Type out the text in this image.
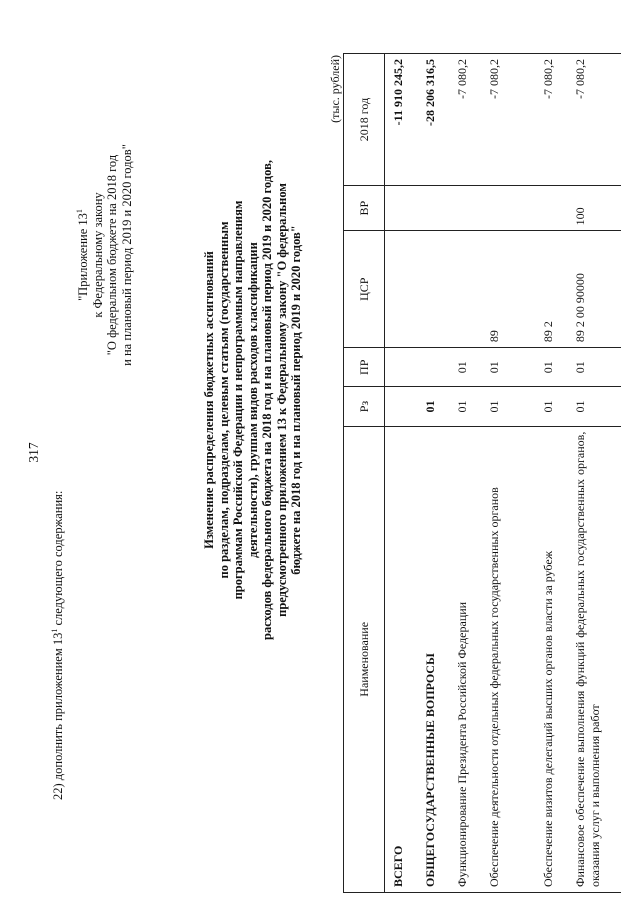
317
22) дополнить приложением $13^1$ следующего содержания:
"Приложение $13^1$ к Федеральному закону "О федеральном бюджете на 2018 год и на плановый период 2019 и 2020 годов"	Изменение распределения бюджетных ассигнований по разделам, подразделам, целевым статьям (государственным программам Российской Федерации и непрограммным направлениям деятельности), группам видов расходов классификации расходов федерального бюджета на 2018 год и на плановый период 2019 и 2020 годов, предусмотренного приложением 13 к Федеральному закону "О федеральном бюджете на 2018 год и на плановый период 2019 и 2020 годов"
(тыс. рублей)
Наименование	Рз	ПР	ЦСР	ВР	2018 год
ВСЕГО					-11 910 245,2
ОБЩЕГОСУДАРСТВЕННЫЕ ВОПРОСЫ	01				-28 206 316,5
Функционирование Президента Российской Федерации	01	01			-7 080,2
Обеспечение деятельности отдельных федеральных государственных органов	01	01	89		-7 080,2
Обеспечение визитов делегаций высших органов власти за рубеж	01	01	89 2		-7 080,2
Финансовое обеспечение выполнения функций федеральных государственных органов, оказания услуг и выполнения работ	01	01	89 2 00 90000	100	-7 080,2
